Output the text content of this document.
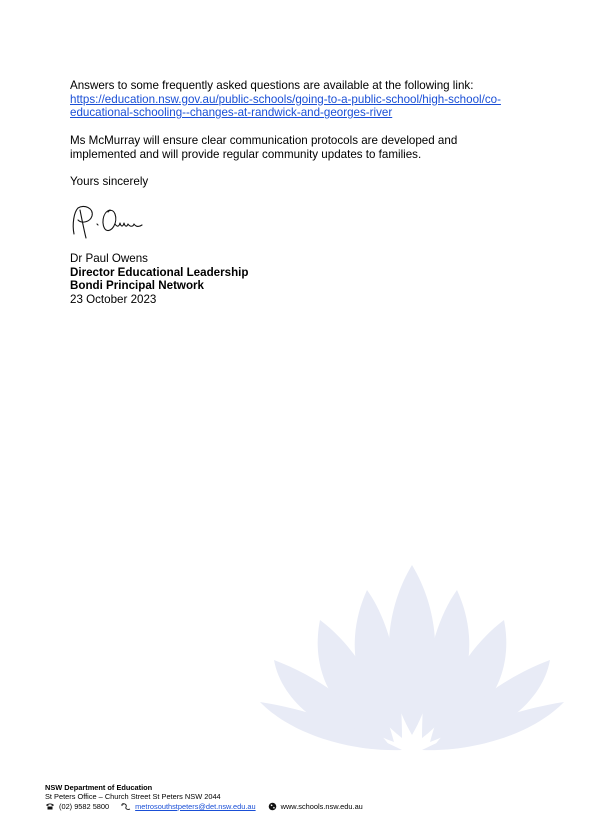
Answers to some frequently asked questions are available at the following link:
https://education.nsw.gov.au/public-schools/going-to-a-public-school/high-school/co-
educational-schooling--changes-at-randwick-and-georges-river
Ms McMurray will ensure clear communication protocols are developed and
implemented and will provide regular community updates to families.
Yours sincerely
Dr Paul Owens
Director Educational Leadership
Bondi Principal Network
23 October 2023
NSW Department of Education
St Peters Office – Church Street St Peters NSW 2044
(02) 9582 5800	metrosouthstpeters@det.nsw.edu.au	www.schools.nsw.edu.au
